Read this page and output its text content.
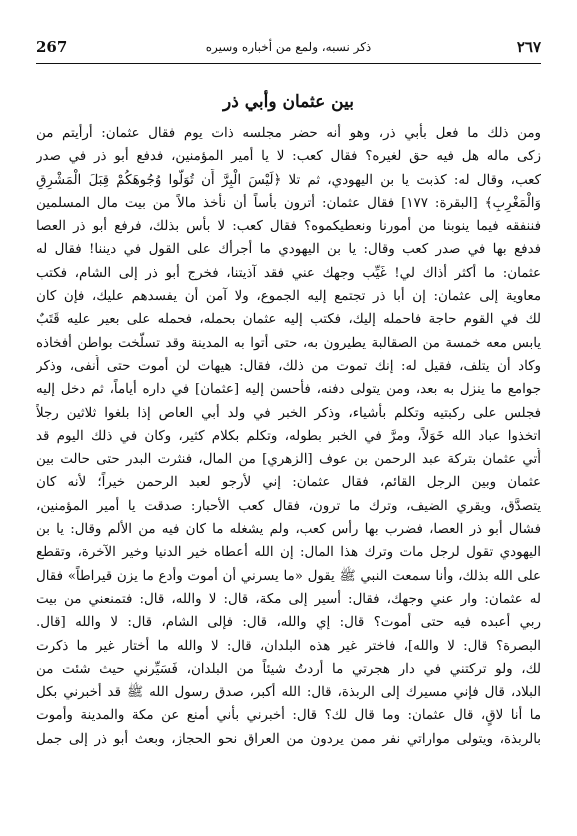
٢٦٧
ذكر نسبه، ولمع من أخباره وسيره
267
بين عثمان وأبي ذر
ومن ذلك ما فعل بأبي ذر، وهو أنه حضر مجلسه ذات يوم فقال عثمان: أرأيتم من
زكى ماله هل فيه حق لغيره؟ فقال كعب: لا يا أمير المؤمنين، فدفع أبو ذر في صدر
كعب، وقال له: كذبت يا بن اليهودي، ثم تلا ﴿لَيْسَ الْبِرَّ أَن تُوَلُّوا وُجُوهَكُمْ قِبَلَ الْمَشْرِقِ
وَالْمَغْرِبِ﴾ [البقرة: ١٧٧] فقال عثمان: أترون بأساً أن نأخذ مالاً من بيت مال المسلمين
فننفقه فيما ينوبنا من أمورنا ونعطيكموه؟ فقال كعب: لا بأس بذلك، فرفع أبو ذر العصا
فدفع بها في صدر كعب وقال: يا بن اليهودي ما أجرأك على القول في ديننا! فقال له
عثمان: ما أكثر أذاك لي! غَيِّب وجهك عني فقد آذيتنا، فخرج أبو ذر إلى الشام، فكتب
معاوية إلى عثمان: إن أبا ذر تجتمع إليه الجموع، ولا آمن أن يفسدهم عليك، فإن كان
لك في القوم حاجة فاحمله إليك، فكتب إليه عثمان بحمله، فحمله على بعير عليه قَتَبٌ
يابس معه خمسة من الصقالبة يطيرون به، حتى أتوا به المدينة وقد تسلَّخت بواطن أفخاذه
وكاد أن يتلف، فقيل له: إنك تموت من ذلك، فقال: هيهات لن أموت حتى أُنفى، وذكر
جوامع ما ينزل به بعد، ومن يتولى دفنه، فأحسن إليه [عثمان] في داره أياماً، ثم دخل إليه
فجلس على ركبتيه وتكلم بأشياء، وذكر الخبر في ولد أبي العاص إذا بلغوا ثلاثين رجلاً
اتخذوا عباد الله خَوَلاً، ومرَّ في الخبر بطوله، وتكلم بكلام كثير، وكان في ذلك اليوم قد
أُتي عثمان بتركة عبد الرحمن بن عوف [الزهري] من المال، فنثرت البدر حتى حالت بين
عثمان وبين الرجل القائم، فقال عثمان: إني لأرجو لعبد الرحمن خيراً؛ لأنه كان
يتصدَّق، ويقري الضيف، وترك ما ترون، فقال كعب الأحبار: صدقت يا أمير المؤمنين،
فشال أبو ذر العصا، فضرب بها رأس كعب، ولم يشغله ما كان فيه من الألم وقال: يا بن
اليهودي تقول لرجل مات وترك هذا المال: إن الله أعطاه خير الدنيا وخير الآخرة، وتقطع
على الله بذلك، وأنا سمعت النبي ﷺ يقول «ما يسرني أن أموت وأدع ما يزن قيراطاً» فقال
له عثمان: وار عني وجهك، فقال: أسير إلى مكة، قال: لا والله، قال: فتمنعني من بيت
ربي أعبده فيه حتى أموت؟ قال: إي والله، قال: فإلى الشام، قال: لا والله [قال.
البصرة؟ قال: لا والله]، فاختر غير هذه البلدان، قال: لا والله ما أختار غير ما ذكرت
لك، ولو تركتني في دار هجرتي ما أردتُ شيئاً من البلدان، فَسَيِّرني حيث شئت من
البلاد، قال فإني مسيرك إلى الربذة، قال: الله أكبر، صدق رسول الله ﷺ قد أخبرني بكل
ما أنا لاقٍ، قال عثمان: وما قال لك؟ قال: أخبرني بأني أمنع عن مكة والمدينة وأموت
بالربذة، ويتولى مواراتي نفر ممن يردون من العراق نحو الحجاز، وبعث أبو ذر إلى جمل
